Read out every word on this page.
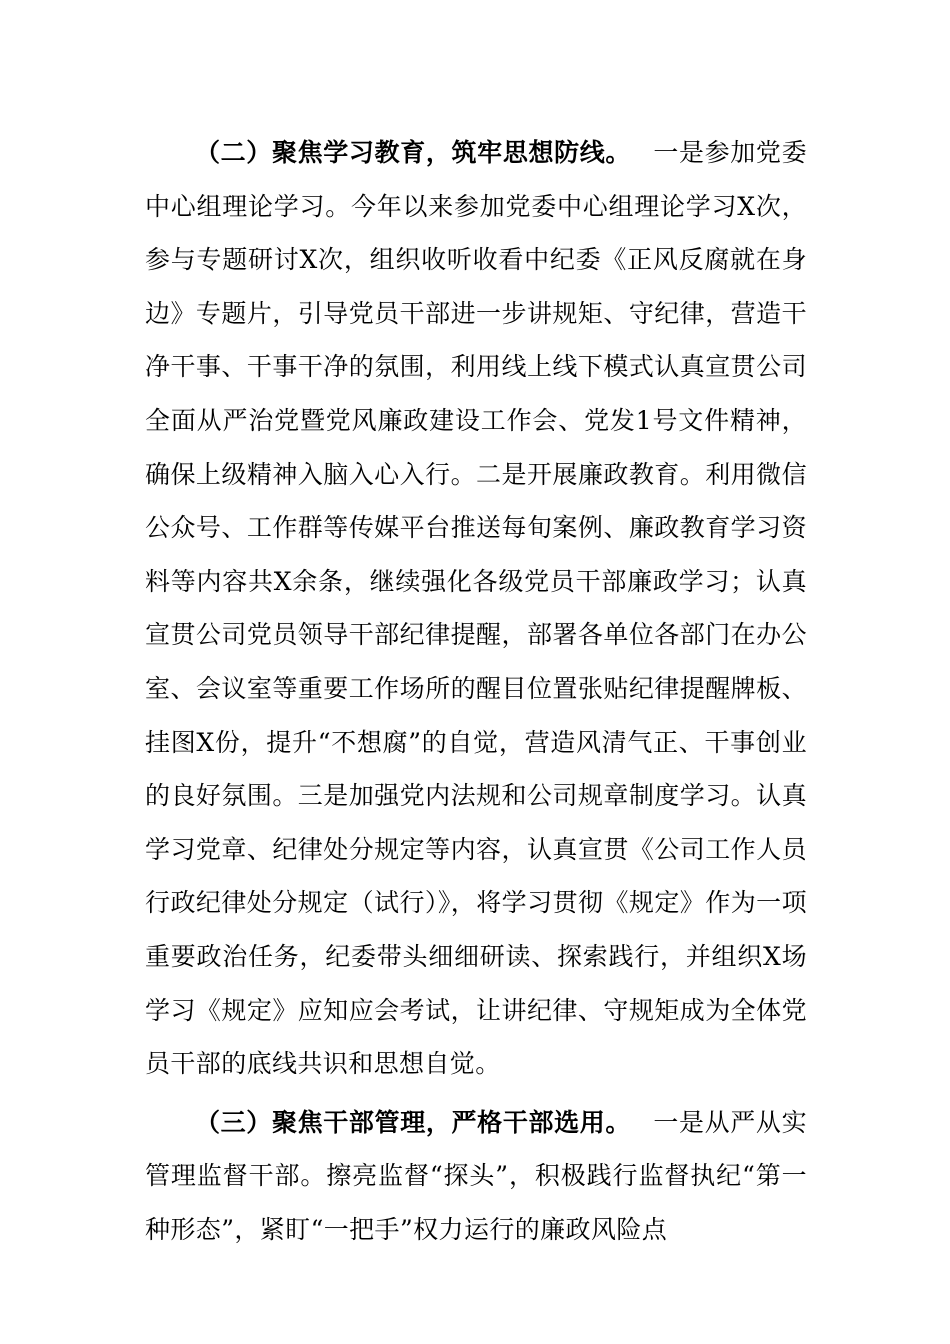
（二）聚焦学习教育，筑牢思想防线。 一是参加党委中心组理论学习。今年以来参加党委中心组理论学习X次，参与专题研讨X次，组织收听收看中纪委《正风反腐就在身边》专题片，引导党员干部进一步讲规矩、守纪律，营造干净干事、干事干净的氛围，利用线上线下模式认真宣贯公司全面从严治党暨党风廉政建设工作会、党发1号文件精神，确保上级精神入脑入心入行。二是开展廉政教育。利用微信公众号、工作群等传媒平台推送每旬案例、廉政教育学习资料等内容共X余条，继续强化各级党员干部廉政学习；认真宣贯公司党员领导干部纪律提醒，部署各单位各部门在办公室、会议室等重要工作场所的醒目位置张贴纪律提醒牌板、挂图X份，提升“不想腐”的自觉，营造风清气正、干事创业的良好氛围。三是加强党内法规和公司规章制度学习。认真学习党章、纪律处分规定等内容，认真宣贯《公司工作人员行政纪律处分规定（试行）》，将学习贯彻《规定》作为一项重要政治任务，纪委带头细细研读、探索践行，并组织X场学习《规定》应知应会考试，让讲纪律、守规矩成为全体党员干部的底线共识和思想自觉。

（三）聚焦干部管理，严格干部选用。 一是从严从实管理监督干部。擦亮监督“探头”，积极践行监督执纪“第一种形态”，紧盯“一把手”权力运行的廉政风险点
